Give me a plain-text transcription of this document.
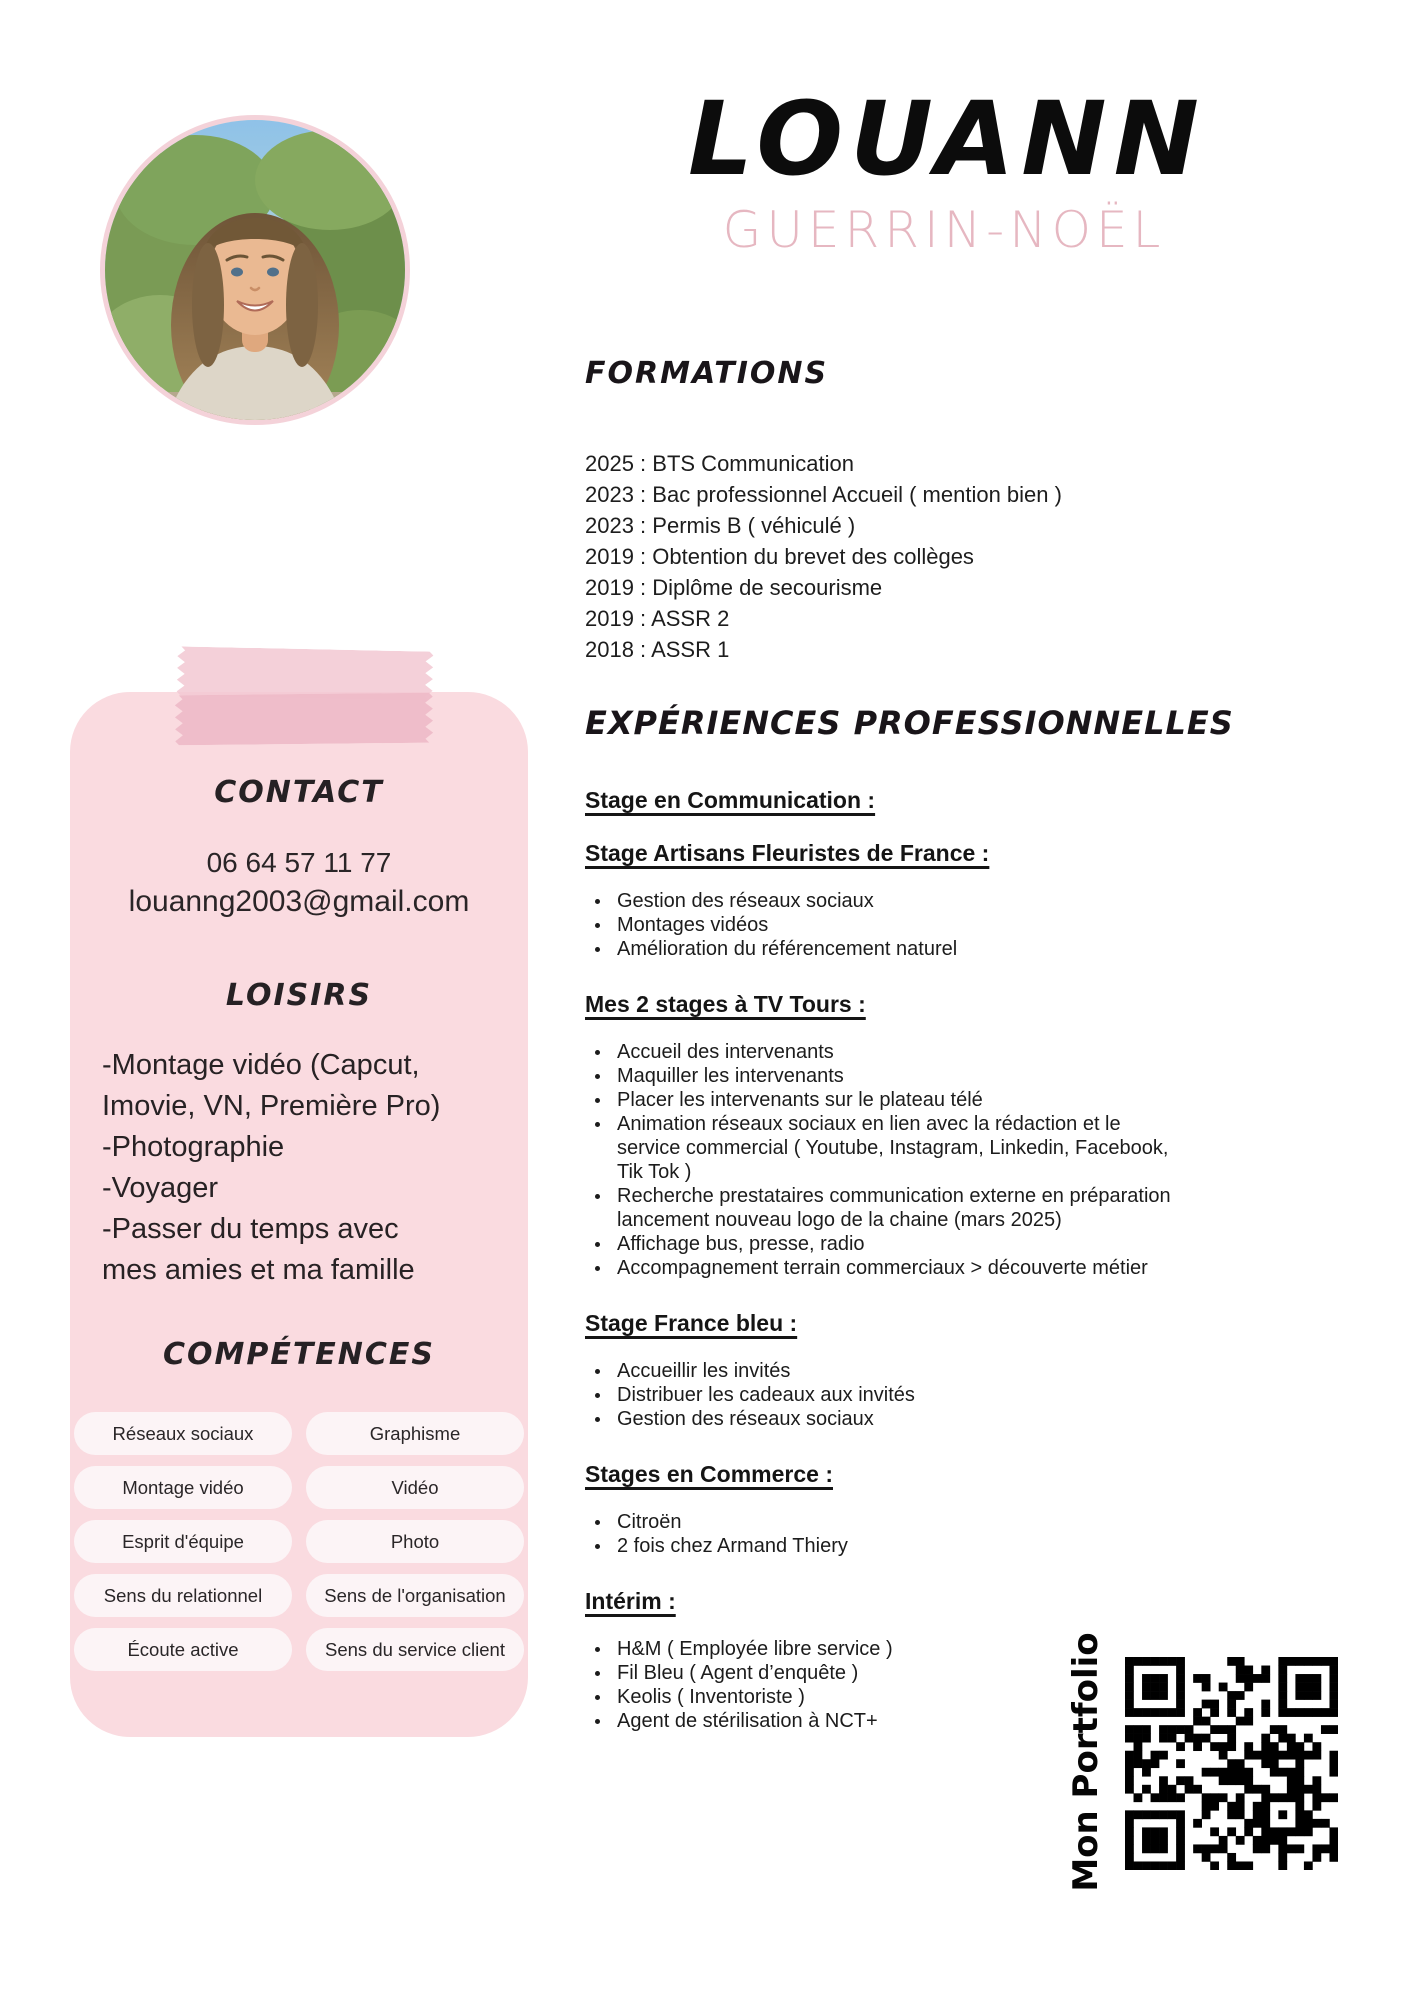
LOUANN
GUERRIN-NOËL
FORMATIONS
2025 : BTS Communication
2023 : Bac professionnel Accueil ( mention bien )
2023 : Permis B ( véhiculé )
2019 : Obtention du brevet des collèges
2019 : Diplôme de secourisme
2019 : ASSR 2
2018 : ASSR 1
EXPÉRIENCES PROFESSIONNELLES
Stage en Communication :
Stage Artisans Fleuristes de France :
Gestion des réseaux sociaux
Montages vidéos
Amélioration du référencement naturel
Mes 2 stages à TV Tours :
Accueil des intervenants
Maquiller les intervenants
Placer les intervenants sur le plateau télé
Animation réseaux sociaux en lien avec la rédaction et le service commercial ( Youtube, Instagram, Linkedin, Facebook, Tik Tok )
Recherche prestataires communication externe en préparation lancement nouveau logo de la chaine (mars 2025)
Affichage bus, presse, radio
Accompagnement terrain commerciaux > découverte métier
Stage France bleu :
Accueillir les invités
Distribuer les cadeaux aux invités
Gestion des réseaux sociaux
Stages en Commerce :
Citroën
2 fois chez Armand Thiery
Intérim :
H&M ( Employée libre service )
Fil Bleu ( Agent d’enquête )
Keolis ( Inventoriste )
Agent de stérilisation à NCT+
CONTACT
06 64 57 11 77
louanng2003@gmail.com
LOISIRS
-Montage vidéo (Capcut, Imovie, VN, Première Pro)
-Photographie
-Voyager
-Passer du temps avec mes amies et ma famille
COMPÉTENCES
Réseaux sociaux	Graphisme
Montage vidéo	Vidéo
Esprit d'équipe	Photo
Sens du relationnel	Sens de l'organisation
Écoute active	Sens du service client	Mon Portfolio
